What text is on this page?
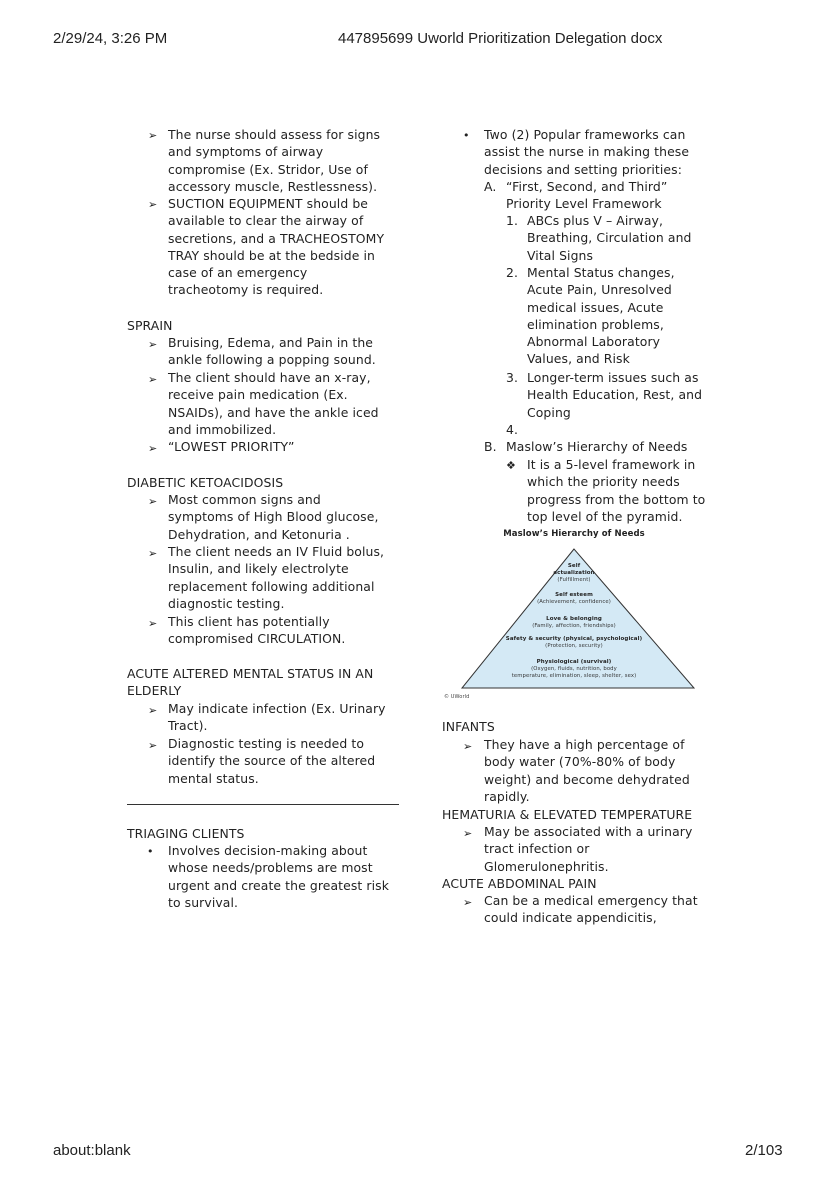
2/29/24, 3:26 PM	447895699 Uworld Prioritization Delegation docx
➢ The nurse should assess for signs
and symptoms of airway
compromise (Ex. Stridor, Use of
accessory muscle, Restlessness).
➢ SUCTION EQUIPMENT should be
available to clear the airway of
secretions, and a TRACHEOSTOMY
TRAY should be at the bedside in
case of an emergency
tracheotomy is required.
SPRAIN
➢ Bruising, Edema, and Pain in the
ankle following a popping sound.
➢ The client should have an x-ray,
receive pain medication (Ex.
NSAIDs), and have the ankle iced
and immobilized.
➢ “LOWEST PRIORITY”
DIABETIC KETOACIDOSIS
➢ Most common signs and
symptoms of High Blood glucose,
Dehydration, and Ketonuria .
➢ The client needs an IV Fluid bolus,
Insulin, and likely electrolyte
replacement following additional
diagnostic testing.
➢ This client has potentially
compromised CIRCULATION.
ACUTE ALTERED MENTAL STATUS IN AN
ELDERLY
➢ May indicate infection (Ex. Urinary
Tract).
➢ Diagnostic testing is needed to
identify the source of the altered
mental status.
TRIAGING CLIENTS
• Involves decision-making about
whose needs/problems are most
urgent and create the greatest risk
to survival.
• Two (2) Popular frameworks can
assist the nurse in making these
decisions and setting priorities:
A. “First, Second, and Third”
Priority Level Framework
1. ABCs plus V – Airway,
Breathing, Circulation and
Vital Signs
2. Mental Status changes,
Acute Pain, Unresolved
medical issues, Acute
elimination problems,
Abnormal Laboratory
Values, and Risk
3. Longer-term issues such as
Health Education, Rest, and
Coping
4.
B. Maslow’s Hierarchy of Needs
❖ It is a 5-level framework in
which the priority needs
progress from the bottom to
top level of the pyramid.
Maslow’s Hierarchy of Needs
Self
actualization
(Fulfillment)
Self esteem
(Achievement, confidence)
Love & belonging
(Family, affection, friendships)
Safety & security (physical, psychological)
(Protection, security)
Physiological (survival)
(Oxygen, fluids, nutrition, body
temperature, elimination, sleep, shelter, sex)
© UWorld
INFANTS
➢ They have a high percentage of
body water (70%-80% of body
weight) and become dehydrated
rapidly.
HEMATURIA & ELEVATED TEMPERATURE
➢ May be associated with a urinary
tract infection or
Glomerulonephritis.
ACUTE ABDOMINAL PAIN
➢ Can be a medical emergency that
could indicate appendicitis,
about:blank	2/103
